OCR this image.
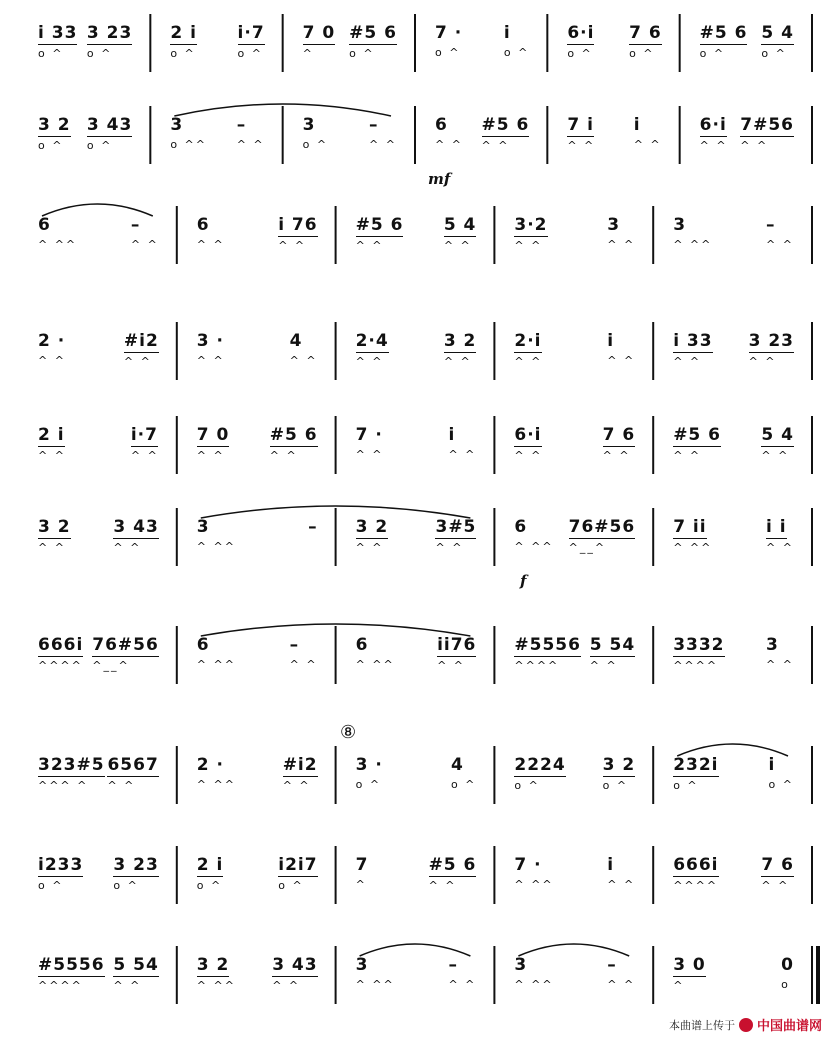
i 33
o ^
3 23
o ^
2 i
o ^
i·7
o ^
7 0
^
#5 6
o ^
7 ·
o ^
i
o ^
6·i
o ^
7 6
o ^
#5 6
o ^
5 4
o ^
3 2
o ^
3 43
o ^
3
o ^^
–
^ ^
3
o ^
–
^ ^
6
^ ^
#5 6
^ ^
7 i
^ ^
i
^ ^
6·i
^ ^
7#56
^ ^
mf
6
^ ^^
–
^ ^
6
^ ^
i 76
^ ^
#5 6
^ ^
5 4
^ ^
3·2
^ ^
3
^ ^
3
^ ^^
–
^ ^
2 ·
^ ^
#i2
^ ^
3 ·
^ ^
4
^ ^
2·4
^ ^
3 2
^ ^
2·i
^ ^
i
^ ^
i 33
^ ^
3 23
^ ^
2 i
^ ^
i·7
^ ^
7 0
^ ^
#5 6
^ ^
7 ·
^ ^
i
^ ^
6·i
^ ^
7 6
^ ^
#5 6
^ ^
5 4
^ ^
3 2
^ ^
3 43
^ ^
3
^ ^^
– 3 2
^ ^
3#5
^ ^
6
^ ^^
76#56
^__^
7 ii
^ ^^
i i
^ ^
f
666i
^^^^
76#56
^__^
6
^ ^^
–
^ ^
6
^ ^^
ii76
^ ^
#5556
^^^^
5 54
^ ^
3332
^^^^
3
^ ^
323#5
^^^ ^
6567
^ ^
2 ·
^ ^^
#i2
^ ^
3 ·
o ^
4
o ^
2224
o ^
3 2
o ^
232i
o ^
i
o ^
⑧
i233
o ^
3 23
o ^
2 i
o ^
i2i7
o ^
7
^
#5 6
^ ^
7 ·
^ ^^
i
^ ^
666i
^^^^
7 6
^ ^
#5556
^^^^
5 54
^ ^
3 2
^ ^^
3 43
^ ^
3
^ ^^
–
^ ^
3
^ ^^
–
^ ^
3 0
^
0
o
本曲谱上传于 中国曲谱网
